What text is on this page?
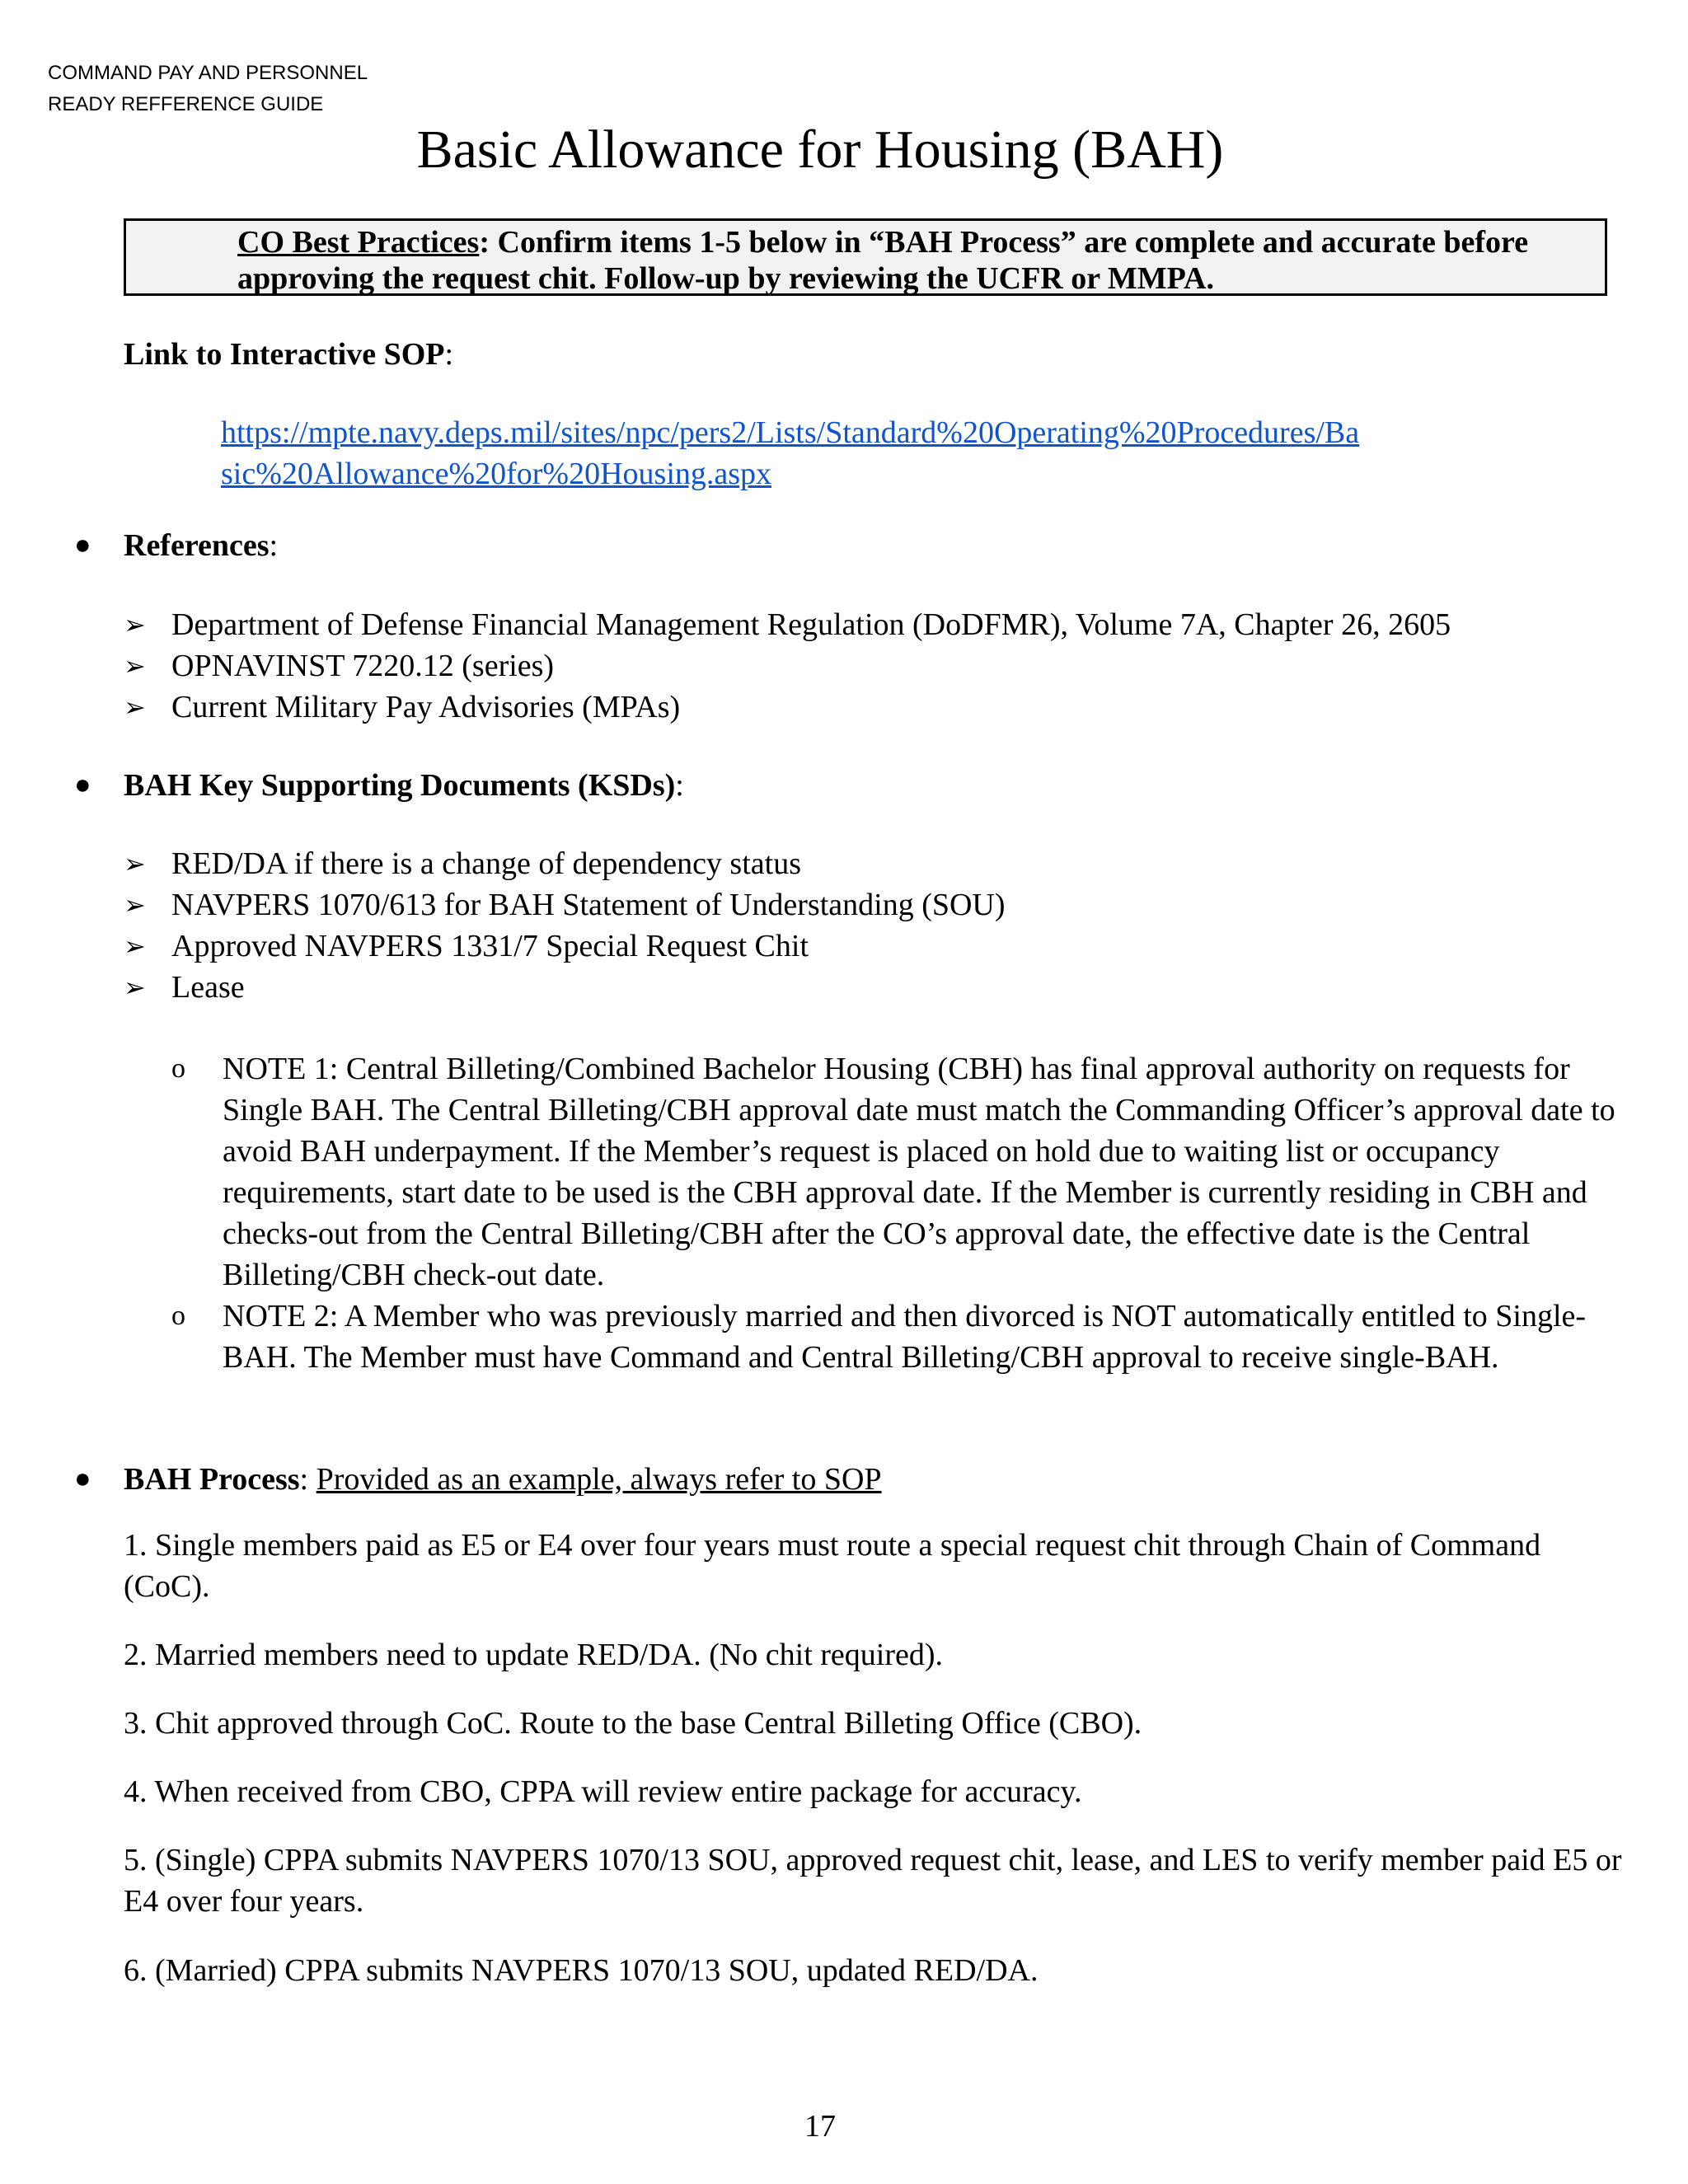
COMMAND PAY AND PERSONNEL
READY REFFERENCE GUIDE
Basic Allowance for Housing (BAH)
CO Best Practices: Confirm items 1-5 below in “BAH Process” are complete and accurate before approving the request chit. Follow-up by reviewing the UCFR or MMPA.
Link to Interactive SOP:
https://mpte.navy.deps.mil/sites/npc/pers2/Lists/Standard%20Operating%20Procedures/Ba
sic%20Allowance%20for%20Housing.aspx
● References:
➢ Department of Defense Financial Management Regulation (DoDFMR), Volume 7A, Chapter 26, 2605
➢ OPNAVINST 7220.12 (series)
➢ Current Military Pay Advisories (MPAs)
● BAH Key Supporting Documents (KSDs):
➢ RED/DA if there is a change of dependency status
➢ NAVPERS 1070/613 for BAH Statement of Understanding (SOU)
➢ Approved NAVPERS 1331/7 Special Request Chit
➢ Lease
o NOTE 1: Central Billeting/Combined Bachelor Housing (CBH) has final approval authority on requests for Single BAH. The Central Billeting/CBH approval date must match the Commanding Officer’s approval date to avoid BAH underpayment. If the Member’s request is placed on hold due to waiting list or occupancy requirements, start date to be used is the CBH approval date. If the Member is currently residing in CBH and checks-out from the Central Billeting/CBH after the CO’s approval date, the effective date is the Central Billeting/CBH check-out date.
o NOTE 2: A Member who was previously married and then divorced is NOT automatically entitled to Single-BAH. The Member must have Command and Central Billeting/CBH approval to receive single-BAH.
● BAH Process: Provided as an example, always refer to SOP
1. Single members paid as E5 or E4 over four years must route a special request chit through Chain of Command (CoC).
2. Married members need to update RED/DA. (No chit required).
3. Chit approved through CoC. Route to the base Central Billeting Office (CBO).
4. When received from CBO, CPPA will review entire package for accuracy.
5. (Single) CPPA submits NAVPERS 1070/13 SOU, approved request chit, lease, and LES to verify member paid E5 or E4 over four years.
6. (Married) CPPA submits NAVPERS 1070/13 SOU, updated RED/DA.
17
